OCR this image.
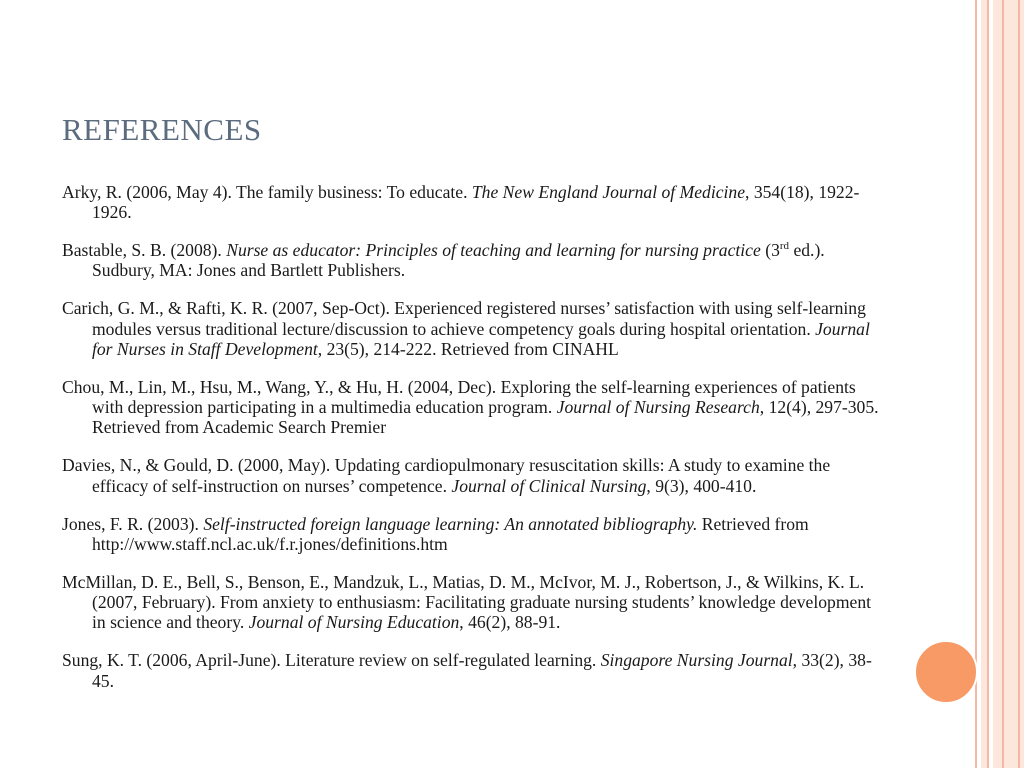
REFERENCES

Arky, R. (2006, May 4). The family business: To educate. The New England Journal of Medicine, 354(18), 1922-1926.

Bastable, S. B. (2008). Nurse as educator: Principles of teaching and learning for nursing practice (3rd ed.). Sudbury, MA: Jones and Bartlett Publishers.

Carich, G. M., & Rafti, K. R. (2007, Sep-Oct). Experienced registered nurses’ satisfaction with using self-learning modules versus traditional lecture/discussion to achieve competency goals during hospital orientation. Journal for Nurses in Staff Development, 23(5), 214-222. Retrieved from CINAHL

Chou, M., Lin, M., Hsu, M., Wang, Y., & Hu, H. (2004, Dec). Exploring the self-learning experiences of patients with depression participating in a multimedia education program. Journal of Nursing Research, 12(4), 297-305. Retrieved from Academic Search Premier

Davies, N., & Gould, D. (2000, May). Updating cardiopulmonary resuscitation skills: A study to examine the efficacy of self-instruction on nurses’ competence. Journal of Clinical Nursing, 9(3), 400-410.

Jones, F. R. (2003). Self-instructed foreign language learning: An annotated bibliography. Retrieved from http://www.staff.ncl.ac.uk/f.r.jones/definitions.htm

McMillan, D. E., Bell, S., Benson, E., Mandzuk, L., Matias, D. M., McIvor, M. J., Robertson, J., & Wilkins, K. L. (2007, February). From anxiety to enthusiasm: Facilitating graduate nursing students’ knowledge development in science and theory. Journal of Nursing Education, 46(2), 88-91.

Sung, K. T. (2006, April-June). Literature review on self-regulated learning. Singapore Nursing Journal, 33(2), 38-45.
